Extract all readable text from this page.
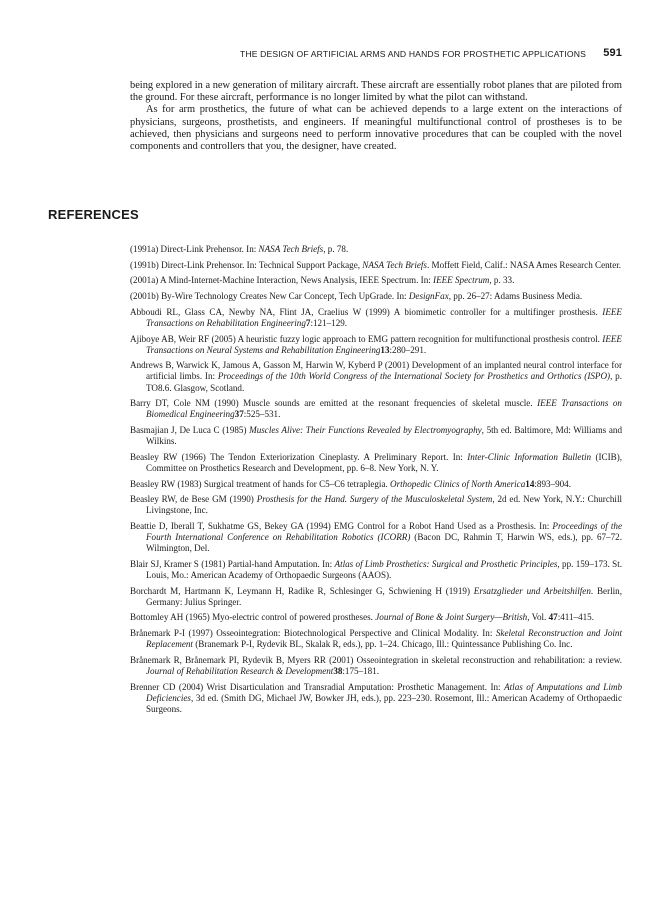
THE DESIGN OF ARTIFICIAL ARMS AND HANDS FOR PROSTHETIC APPLICATIONS 591

being explored in a new generation of military aircraft. These aircraft are essentially robot planes that are piloted from the ground. For these aircraft, performance is no longer limited by what the pilot can withstand.

As for arm prosthetics, the future of what can be achieved depends to a large extent on the interactions of physicians, surgeons, prosthetists, and engineers. If meaningful multifunctional control of prostheses is to be achieved, then physicians and surgeons need to perform innovative procedures that can be coupled with the novel components and controllers that you, the designer, have created.

REFERENCES
(1991a) Direct-Link Prehensor. In: NASA Tech Briefs, p. 78.
(1991b) Direct-Link Prehensor. In: Technical Support Package, NASA Tech Briefs. Moffett Field, Calif.: NASA Ames Research Center.
(2001a) A Mind-Internet-Machine Interaction, News Analysis, IEEE Spectrum. In: IEEE Spectrum, p. 33.
(2001b) By-Wire Technology Creates New Car Concept, Tech UpGrade. In: DesignFax, pp. 26–27: Adams Business Media.
Abboudi RL, Glass CA, Newby NA, Flint JA, Craelius W (1999) A biomimetic controller for a multifinger prosthesis. IEEE Transactions on Rehabilitation Engineering7:121–129.
Ajiboye AB, Weir RF (2005) A heuristic fuzzy logic approach to EMG pattern recognition for multifunctional prosthesis control. IEEE Transactions on Neural Systems and Rehabilitation Engineering13:280–291.
Andrews B, Warwick K, Jamous A, Gasson M, Harwin W, Kyberd P (2001) Development of an implanted neural control interface for artificial limbs. In: Proceedings of the 10th World Congress of the International Society for Prosthetics and Orthotics (ISPO), p. TO8.6. Glasgow, Scotland.
Barry DT, Cole NM (1990) Muscle sounds are emitted at the resonant frequencies of skeletal muscle. IEEE Transactions on Biomedical Engineering37:525–531.
Basmajian J, De Luca C (1985) Muscles Alive: Their Functions Revealed by Electromyography, 5th ed. Baltimore, Md: Williams and Wilkins.
Beasley RW (1966) The Tendon Exteriorization Cineplasty. A Preliminary Report. In: Inter-Clinic Information Bulletin (ICIB), Committee on Prosthetics Research and Development, pp. 6–8. New York, N. Y.
Beasley RW (1983) Surgical treatment of hands for C5–C6 tetraplegia. Orthopedic Clinics of North America14:893–904.
Beasley RW, de Bese GM (1990) Prosthesis for the Hand. Surgery of the Musculoskeletal System, 2d ed. New York, N.Y.: Churchill Livingstone, Inc.
Beattie D, Iberall T, Sukhatme GS, Bekey GA (1994) EMG Control for a Robot Hand Used as a Prosthesis. In: Proceedings of the Fourth International Conference on Rehabilitation Robotics (ICORR) (Bacon DC, Rahmin T, Harwin WS, eds.), pp. 67–72. Wilmington, Del.
Blair SJ, Kramer S (1981) Partial-hand Amputation. In: Atlas of Limb Prosthetics: Surgical and Prosthetic Principles, pp. 159–173. St. Louis, Mo.: American Academy of Orthopaedic Surgeons (AAOS).
Borchardt M, Hartmann K, Leymann H, Radike R, Schlesinger G, Schwiening H (1919) Ersatzglieder und Arbeitshilfen. Berlin, Germany: Julius Springer.
Bottomley AH (1965) Myo-electric control of powered prostheses. Journal of Bone & Joint Surgery—British, Vol. 47:411–415.
Brånemark P-I (1997) Osseointegration: Biotechnological Perspective and Clinical Modality. In: Skeletal Reconstruction and Joint Replacement (Branemark P-I, Rydevik BL, Skalak R, eds.), pp. 1–24. Chicago, Ill.: Quintessance Publishing Co. Inc.
Brånemark R, Brånemark PI, Rydevik B, Myers RR (2001) Osseointegration in skeletal reconstruction and rehabilitation: a review. Journal of Rehabilitation Research & Development38:175–181.
Brenner CD (2004) Wrist Disarticulation and Transradial Amputation: Prosthetic Management. In: Atlas of Amputations and Limb Deficiencies, 3d ed. (Smith DG, Michael JW, Bowker JH, eds.), pp. 223–230. Rosemont, Ill.: American Academy of Orthopaedic Surgeons.
